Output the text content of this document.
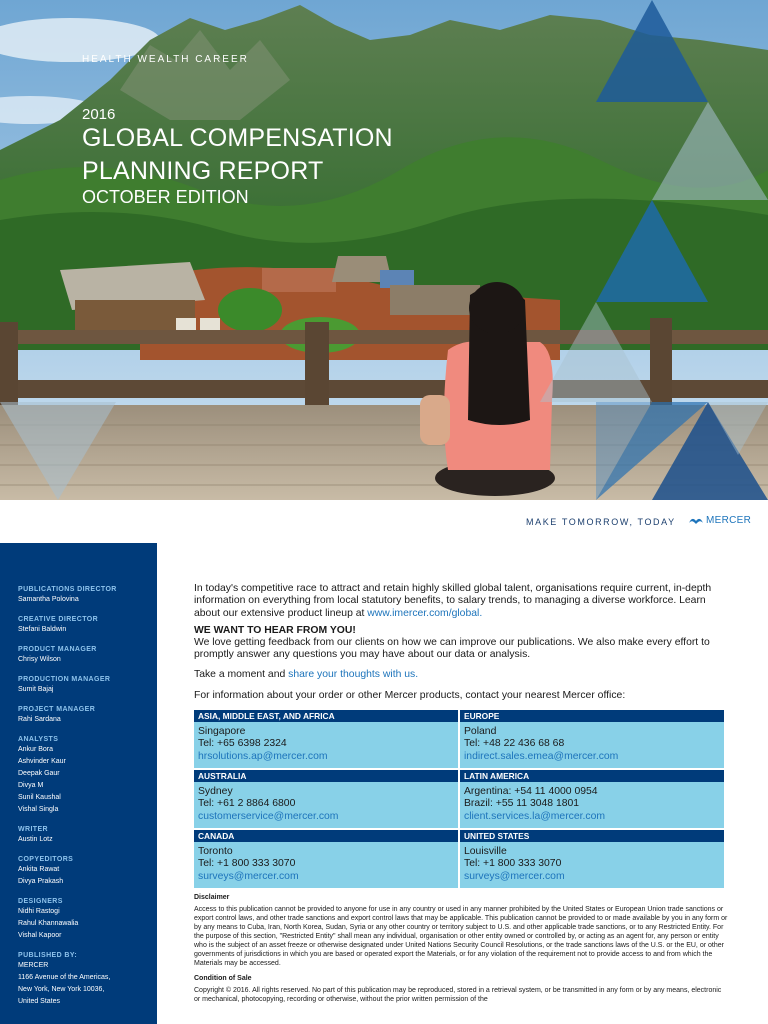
HEALTH WEALTH CAREER
2016
GLOBAL COMPENSATION
PLANNING REPORT
OCTOBER EDITION
MAKE TOMORROW, TODAY	MERCER
PUBLICATIONS DIRECTOR
Samantha Polovina
CREATIVE DIRECTOR
Stefani Baldwin
PRODUCT MANAGER
Chrisy Wilson
PRODUCTION MANAGER
Sumit Bajaj
PROJECT MANAGER
Rahi Sardana
ANALYSTS
Ankur Bora
Ashvinder Kaur
Deepak Gaur
Divya M
Sunil Kaushal
Vishal Singla
WRITER
Austin Lotz
COPYEDITORS
Ankita Rawat
Divya Prakash
DESIGNERS
Nidhi Rastogi
Rahul Khannawalia
Vishal Kapoor
PUBLISHED BY:
MERCER
1166 Avenue of the Americas,
New York, New York 10036,
United States

In today's competitive race to attract and retain highly skilled global talent, organisations require current, in-depth information on everything from local statutory benefits, to salary trends, to managing a diverse workforce. Learn about our extensive product lineup at www.imercer.com/global.

WE WANT TO HEAR FROM YOU!

We love getting feedback from our clients on how we can improve our publications. We also make every effort to promptly answer any questions you may have about our data or analysis.

Take a moment and share your thoughts with us.

For information about your order or other Mercer products, contact your nearest Mercer office:

ASIA, MIDDLE EAST, AND AFRICA
Singapore
Tel: +65 6398 2324
hrsolutions.ap@mercer.com
EUROPE
Poland
Tel: +48 22 436 68 68
indirect.sales.emea@mercer.com
AUSTRALIA
Sydney
Tel: +61 2 8864 6800
customerservice@mercer.com
LATIN AMERICA
Argentina: +54 11 4000 0954
Brazil: +55 11 3048 1801
client.services.la@mercer.com
CANADA
Toronto
Tel: +1 800 333 3070
surveys@mercer.com
UNITED STATES
Louisville
Tel: +1 800 333 3070
surveys@mercer.com
Disclaimer

Access to this publication cannot be provided to anyone for use in any country or used in any manner prohibited by the United States or European Union trade sanctions or export control laws, and other trade sanctions and export control laws that may be applicable. This publication cannot be provided to or made available by you in any form or by any means to Cuba, Iran, North Korea, Sudan, Syria or any other country or territory subject to U.S. and other applicable trade sanctions, or to any Restricted Entity. For the purpose of this section, "Restricted Entity" shall mean any individual, organisation or other entity owned or controlled by, or acting as an agent for, any person or entity who is the subject of an asset freeze or otherwise designated under United Nations Security Council Resolutions, or the trade sanctions laws of the U.S. or the EU, or other governments of jurisdictions in which you are based or operated export the Materials, or for any violation of the requirement not to provide access to and from which the Materials may be accessed.

Condition of Sale

Copyright © 2016. All rights reserved. No part of this publication may be reproduced, stored in a retrieval system, or be transmitted in any form or by any means, electronic or mechanical, photocopying, recording or otherwise, without the prior written permission of the
